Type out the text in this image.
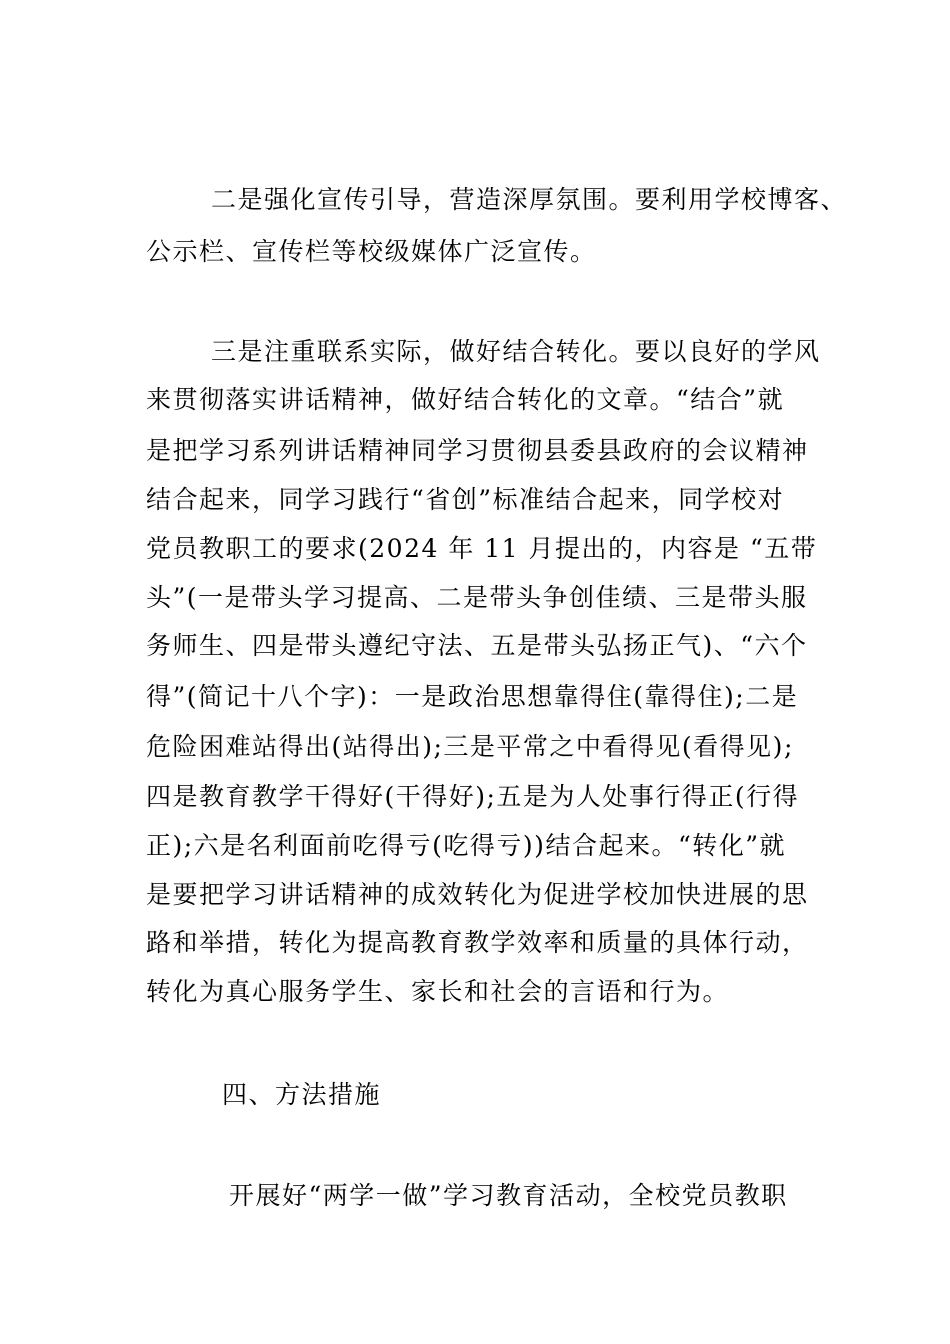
二是强化宣传引导，营造深厚氛围。要利用学校博客、
公示栏、宣传栏等校级媒体广泛宣传。
三是注重联系实际，做好结合转化。要以良好的学风
来贯彻落实讲话精神，做好结合转化的文章。“结合”就
是把学习系列讲话精神同学习贯彻县委县政府的会议精神
结合起来，同学习践行“省创”标准结合起来，同学校对
党员教职工的要求(2024 年 11 月提出的，内容是 “五带
头”(一是带头学习提高、二是带头争创佳绩、三是带头服
务师生、四是带头遵纪守法、五是带头弘扬正气)、“六个
得”(简记十八个字)：一是政治思想靠得住(靠得住);二是
危险困难站得出(站得出);三是平常之中看得见(看得见);
四是教育教学干得好(干得好);五是为人处事行得正(行得
正);六是名利面前吃得亏(吃得亏))结合起来。“转化”就
是要把学习讲话精神的成效转化为促进学校加快进展的思
路和举措，转化为提高教育教学效率和质量的具体行动，
转化为真心服务学生、家长和社会的言语和行为。
四、方法措施
开展好“两学一做”学习教育活动，全校党员教职
